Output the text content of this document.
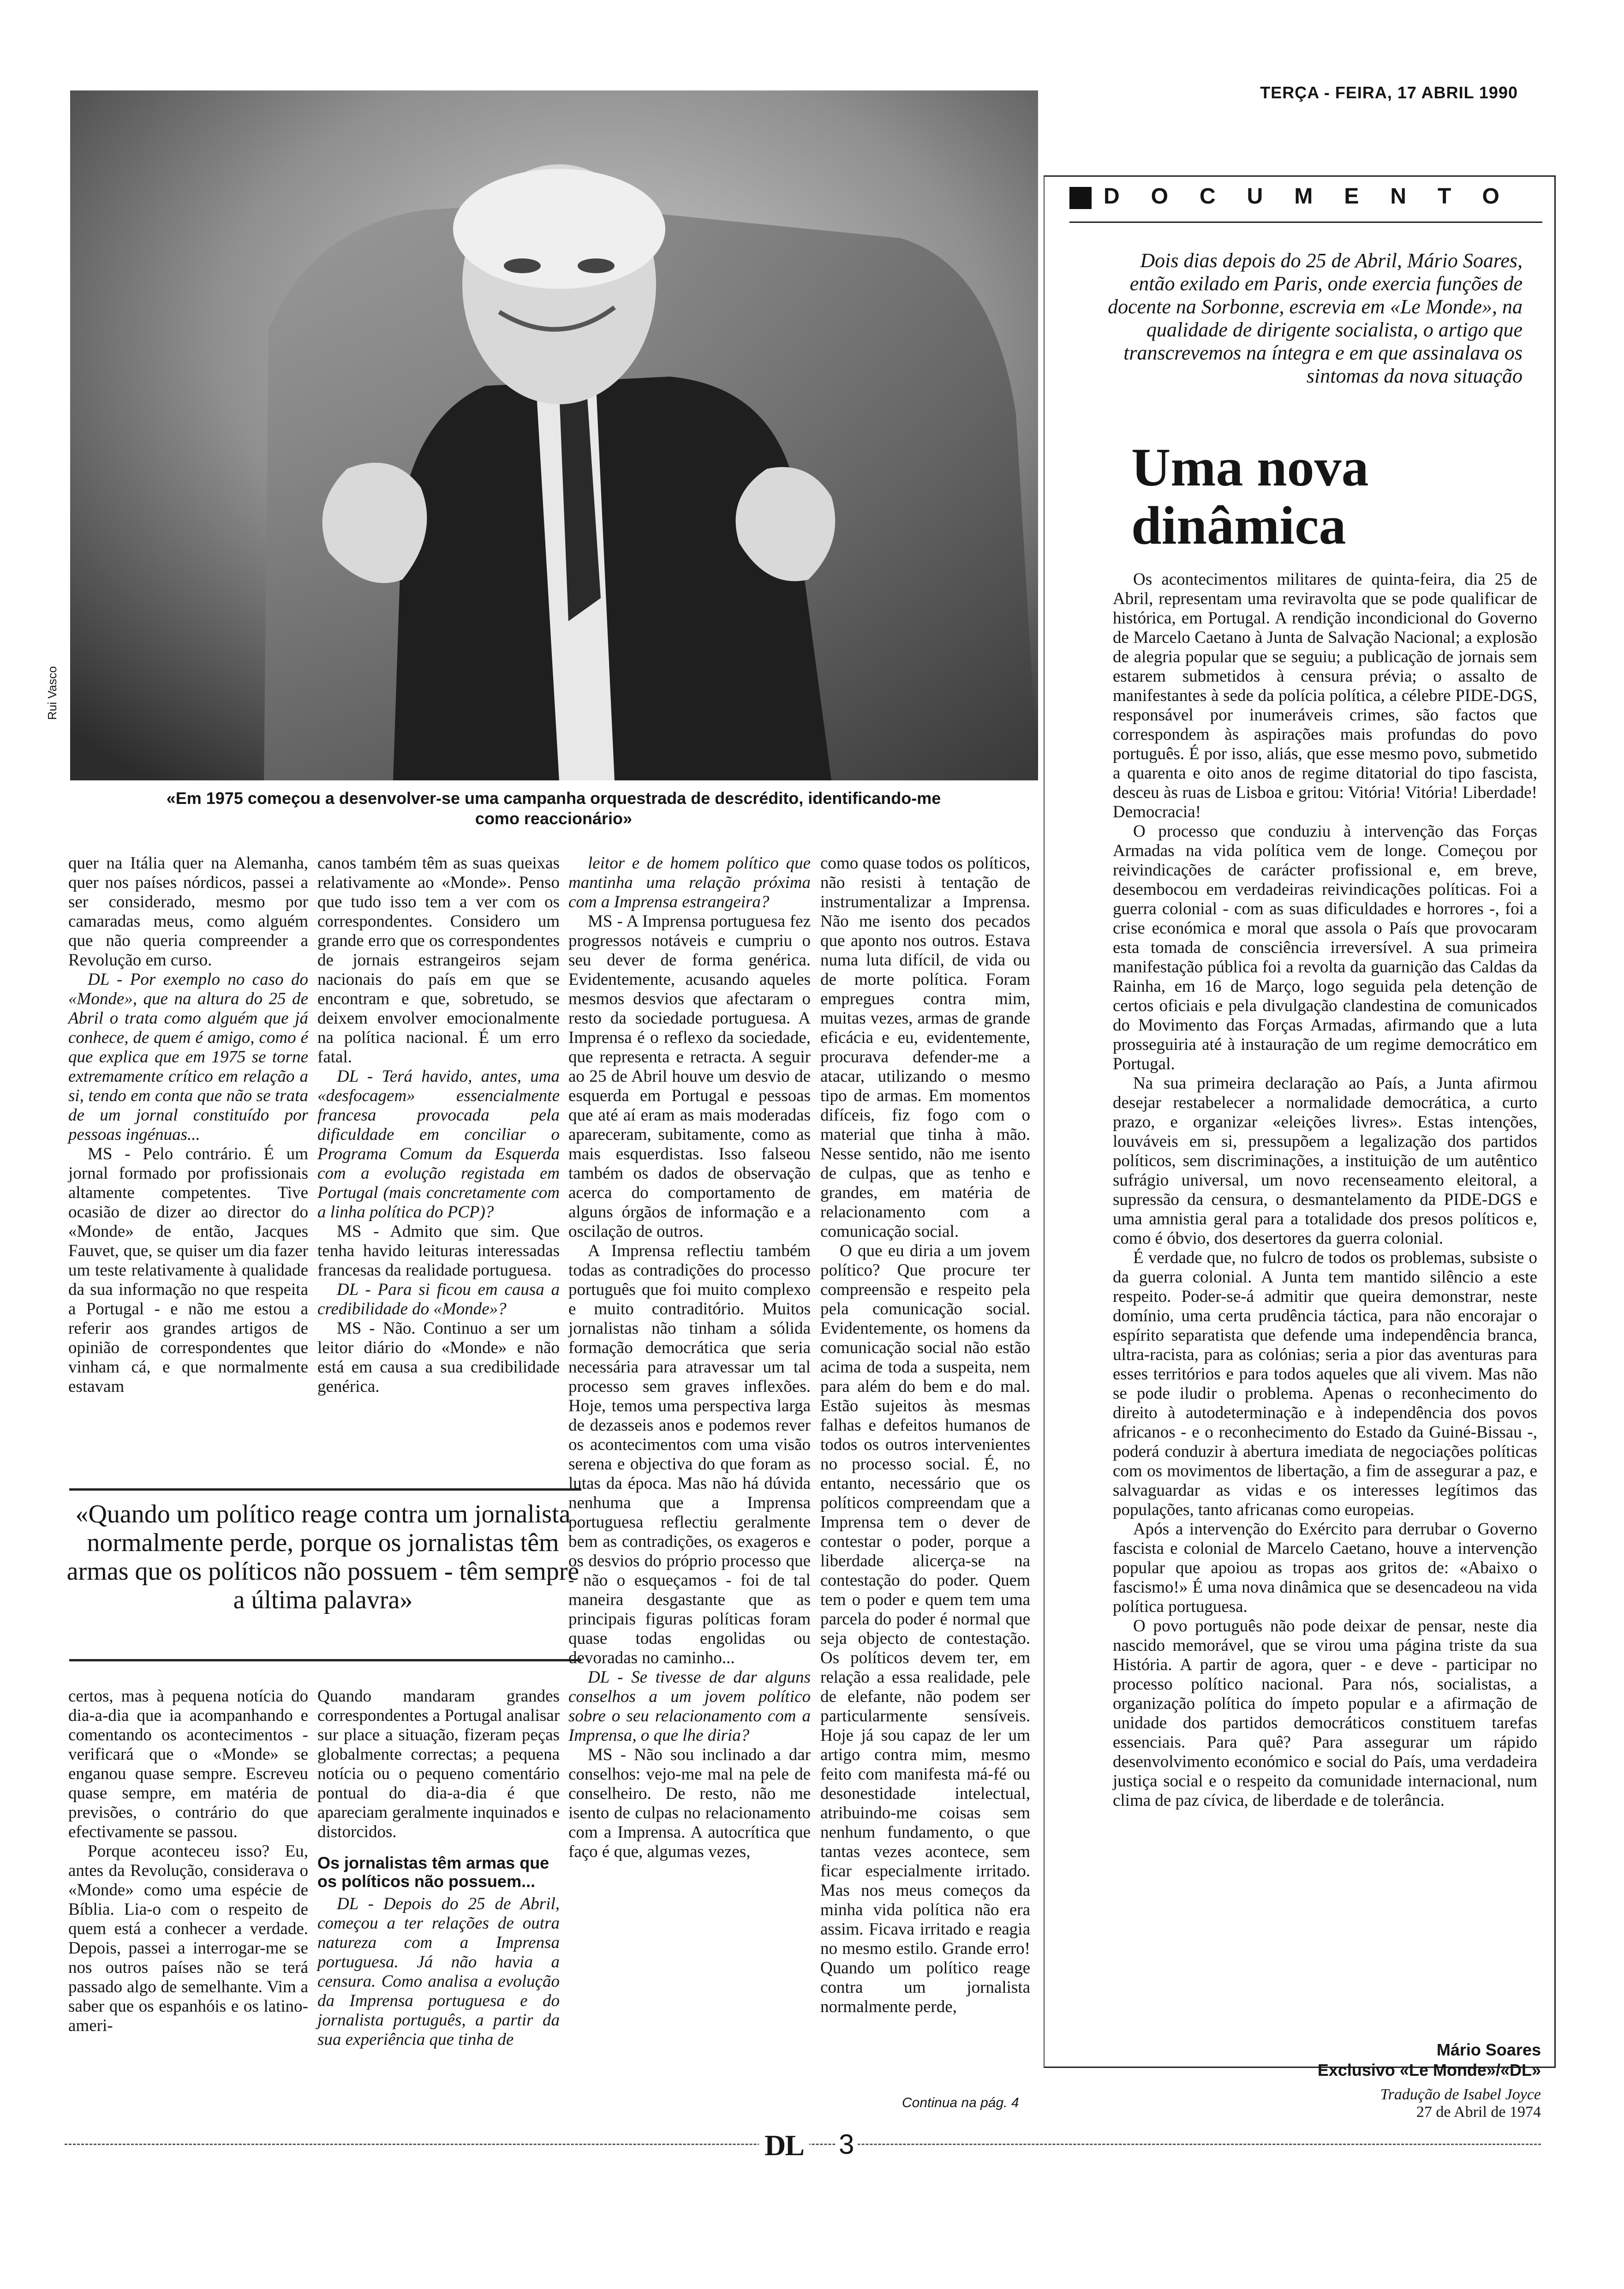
TERÇA - FEIRA, 17 ABRIL 1990
Rui Vasco
«Em 1975 começou a desenvolver-se uma campanha orquestrada de descrédito, identificando-me
como reaccionário»

quer na Itália quer na Alemanha, quer nos países nórdicos, passei a ser considerado, mesmo por camaradas meus, como alguém que não queria compreender a Revolução em curso.

DL - Por exemplo no caso do «Monde», que na altura do 25 de Abril o trata como alguém que já conhece, de quem é amigo, como é que explica que em 1975 se torne extremamente crítico em relação a si, tendo em conta que não se trata de um jornal constituído por pessoas ingénuas...

MS - Pelo contrário. É um jornal formado por profissionais altamente competentes. Tive ocasião de dizer ao director do «Monde» de então, Jacques Fauvet, que, se quiser um dia fazer um teste relativamente à qualidade da sua informação no que respeita a Portugal - e não me estou a referir aos grandes artigos de opinião de correspondentes que vinham cá, e que normalmente estavam

canos também têm as suas queixas relativamente ao «Monde». Penso que tudo isso tem a ver com os correspondentes. Considero um grande erro que os correspondentes de jornais estrangeiros sejam nacionais do país em que se encontram e que, sobretudo, se deixem envolver emocionalmente na política nacional. É um erro fatal.

DL - Terá havido, antes, uma «desfocagem» essencialmente francesa provocada pela dificuldade em conciliar o Programa Comum da Esquerda com a evolução registada em Portugal (mais concretamente com a linha política do PCP)?

MS - Admito que sim. Que tenha havido leituras interessadas francesas da realidade portuguesa.

DL - Para si ficou em causa a credibilidade do «Monde»?

MS - Não. Continuo a ser um leitor diário do «Monde» e não está em causa a sua credibilidade genérica.

leitor e de homem político que mantinha uma relação próxima com a Imprensa estrangeira?

MS - A Imprensa portuguesa fez progressos notáveis e cumpriu o seu dever de forma genérica. Evidentemente, acusando aqueles mesmos desvios que afectaram o resto da sociedade portuguesa. A Imprensa é o reflexo da sociedade, que representa e retracta. A seguir ao 25 de Abril houve um desvio de esquerda em Portugal e pessoas que até aí eram as mais moderadas apareceram, subitamente, como as mais esquerdistas. Isso falseou também os dados de observação acerca do comportamento de alguns órgãos de informação e a oscilação de outros.

A Imprensa reflectiu também todas as contradições do processo português que foi muito complexo e muito contraditório. Muitos jornalistas não tinham a sólida formação democrática que seria necessária para atravessar um tal processo sem graves inflexões. Hoje, temos uma perspectiva larga de dezasseis anos e podemos rever os acontecimentos com uma visão serena e objectiva do que foram as lutas da época. Mas não há dúvida nenhuma que a Imprensa portuguesa reflectiu geralmente bem as contradições, os exageros e os desvios do próprio processo que - não o esqueçamos - foi de tal maneira desgastante que as principais figuras políticas foram quase todas engolidas ou devoradas no caminho...

DL - Se tivesse de dar alguns conselhos a um jovem político sobre o seu relacionamento com a Imprensa, o que lhe diria?

MS - Não sou inclinado a dar conselhos: vejo-me mal na pele de conselheiro. De resto, não me isento de culpas no relacionamento com a Imprensa. A autocrítica que faço é que, algumas vezes,

como quase todos os políticos, não resisti à tentação de instrumentalizar a Imprensa. Não me isento dos pecados que aponto nos outros. Estava numa luta difícil, de vida ou de morte política. Foram empregues contra mim, muitas vezes, armas de grande eficácia e eu, evidentemente, procurava defender-me a atacar, utilizando o mesmo tipo de armas. Em momentos difíceis, fiz fogo com o material que tinha à mão. Nesse sentido, não me isento de culpas, que as tenho e grandes, em matéria de relacionamento com a comunicação social.

O que eu diria a um jovem político? Que procure ter compreensão e respeito pela pela comunicação social. Evidentemente, os homens da comunicação social não estão acima de toda a suspeita, nem para além do bem e do mal. Estão sujeitos às mesmas falhas e defeitos humanos de todos os outros intervenientes no processo social. É, no entanto, necessário que os políticos compreendam que a Imprensa tem o dever de contestar o poder, porque a liberdade alicerça-se na contestação do poder. Quem tem o poder e quem tem uma parcela do poder é normal que seja objecto de contestação. Os políticos devem ter, em relação a essa realidade, pele de elefante, não podem ser particularmente sensíveis. Hoje já sou capaz de ler um artigo contra mim, mesmo feito com manifesta má-fé ou desonestidade intelectual, atribuindo-me coisas sem nenhum fundamento, o que tantas vezes acontece, sem ficar especialmente irritado. Mas nos meus começos da minha vida política não era assim. Ficava irritado e reagia no mesmo estilo. Grande erro! Quando um político reage contra um jornalista normalmente perde,

«Quando um político reage contra um jornalista normalmente perde, porque os jornalistas têm armas que os políticos não possuem - têm sempre a última palavra»

certos, mas à pequena notícia do dia-a-dia que ia acompanhando e comentando os acontecimentos - verificará que o «Monde» se enganou quase sempre. Escreveu quase sempre, em matéria de previsões, o contrário do que efectivamente se passou.

Porque aconteceu isso? Eu, antes da Revolução, considerava o «Monde» como uma espécie de Bíblia. Lia-o com o respeito de quem está a conhecer a verdade. Depois, passei a interrogar-me se nos outros países não se terá passado algo de semelhante. Vim a saber que os espanhóis e os latino-ameri-

Quando mandaram grandes correspondentes a Portugal analisar sur place a situação, fizeram peças globalmente correctas; a pequena notícia ou o pequeno comentário pontual do dia-a-dia é que apareciam geralmente inquinados e distorcidos.

Os jornalistas têm armas que os políticos não possuem...

DL - Depois do 25 de Abril, começou a ter relações de outra natureza com a Imprensa portuguesa. Já não havia a censura. Como analisa a evolução da Imprensa portuguesa e do jornalista português, a partir da sua experiência que tinha de

Continua na pág. 4
DOCUMENTO
Dois dias depois do 25 de Abril, Mário Soares, então exilado em Paris, onde exercia funções de docente na Sorbonne, escrevia em «Le Monde», na qualidade de dirigente socialista, o artigo que transcrevemos na íntegra e em que assinalava os sintomas da nova situação
Uma nova dinâmica

Os acontecimentos militares de quinta-feira, dia 25 de Abril, representam uma reviravolta que se pode qualificar de histórica, em Portugal. A rendição incondicional do Governo de Marcelo Caetano à Junta de Salvação Nacional; a explosão de alegria popular que se seguiu; a publicação de jornais sem estarem submetidos à censura prévia; o assalto de manifestantes à sede da polícia política, a célebre PIDE-DGS, responsável por inumeráveis crimes, são factos que correspondem às aspirações mais profundas do povo português. É por isso, aliás, que esse mesmo povo, submetido a quarenta e oito anos de regime ditatorial do tipo fascista, desceu às ruas de Lisboa e gritou: Vitória! Vitória! Liberdade! Democracia!

O processo que conduziu à intervenção das Forças Armadas na vida política vem de longe. Começou por reivindicações de carácter profissional e, em breve, desembocou em verdadeiras reivindicações políticas. Foi a guerra colonial - com as suas dificuldades e horrores -, foi a crise económica e moral que assola o País que provocaram esta tomada de consciência irreversível. A sua primeira manifestação pública foi a revolta da guarnição das Caldas da Rainha, em 16 de Março, logo seguida pela detenção de certos oficiais e pela divulgação clandestina de comunicados do Movimento das Forças Armadas, afirmando que a luta prosseguiria até à instauração de um regime democrático em Portugal.

Na sua primeira declaração ao País, a Junta afirmou desejar restabelecer a normalidade democrática, a curto prazo, e organizar «eleições livres». Estas intenções, louváveis em si, pressupõem a legalização dos partidos políticos, sem discriminações, a instituição de um autêntico sufrágio universal, um novo recenseamento eleitoral, a supressão da censura, o desmantelamento da PIDE-DGS e uma amnistia geral para a totalidade dos presos políticos e, como é óbvio, dos desertores da guerra colonial.

É verdade que, no fulcro de todos os problemas, subsiste o da guerra colonial. A Junta tem mantido silêncio a este respeito. Poder-se-á admitir que queira demonstrar, neste domínio, uma certa prudência táctica, para não encorajar o espírito separatista que defende uma independência branca, ultra-racista, para as colónias; seria a pior das aventuras para esses territórios e para todos aqueles que ali vivem. Mas não se pode iludir o problema. Apenas o reconhecimento do direito à autodeterminação e à independência dos povos africanos - e o reconhecimento do Estado da Guiné-Bissau -, poderá conduzir à abertura imediata de negociações políticas com os movimentos de libertação, a fim de assegurar a paz, e salvaguardar as vidas e os interesses legítimos das populações, tanto africanas como europeias.

Após a intervenção do Exército para derrubar o Governo fascista e colonial de Marcelo Caetano, houve a intervenção popular que apoiou as tropas aos gritos de: «Abaixo o fascismo!» É uma nova dinâmica que se desencadeou na vida política portuguesa.

O povo português não pode deixar de pensar, neste dia nascido memorável, que se virou uma página triste da sua História. A partir de agora, quer - e deve - participar no processo político nacional. Para nós, socialistas, a organização política do ímpeto popular e a afirmação de unidade dos partidos democráticos constituem tarefas essenciais. Para quê? Para assegurar um rápido desenvolvimento económico e social do País, uma verdadeira justiça social e o respeito da comunidade internacional, num clima de paz cívica, de liberdade e de tolerância.

Mário Soares
Exclusivo «Le Monde»/«DL»
Tradução de Isabel Joyce
27 de Abril de 1974
DL 3
